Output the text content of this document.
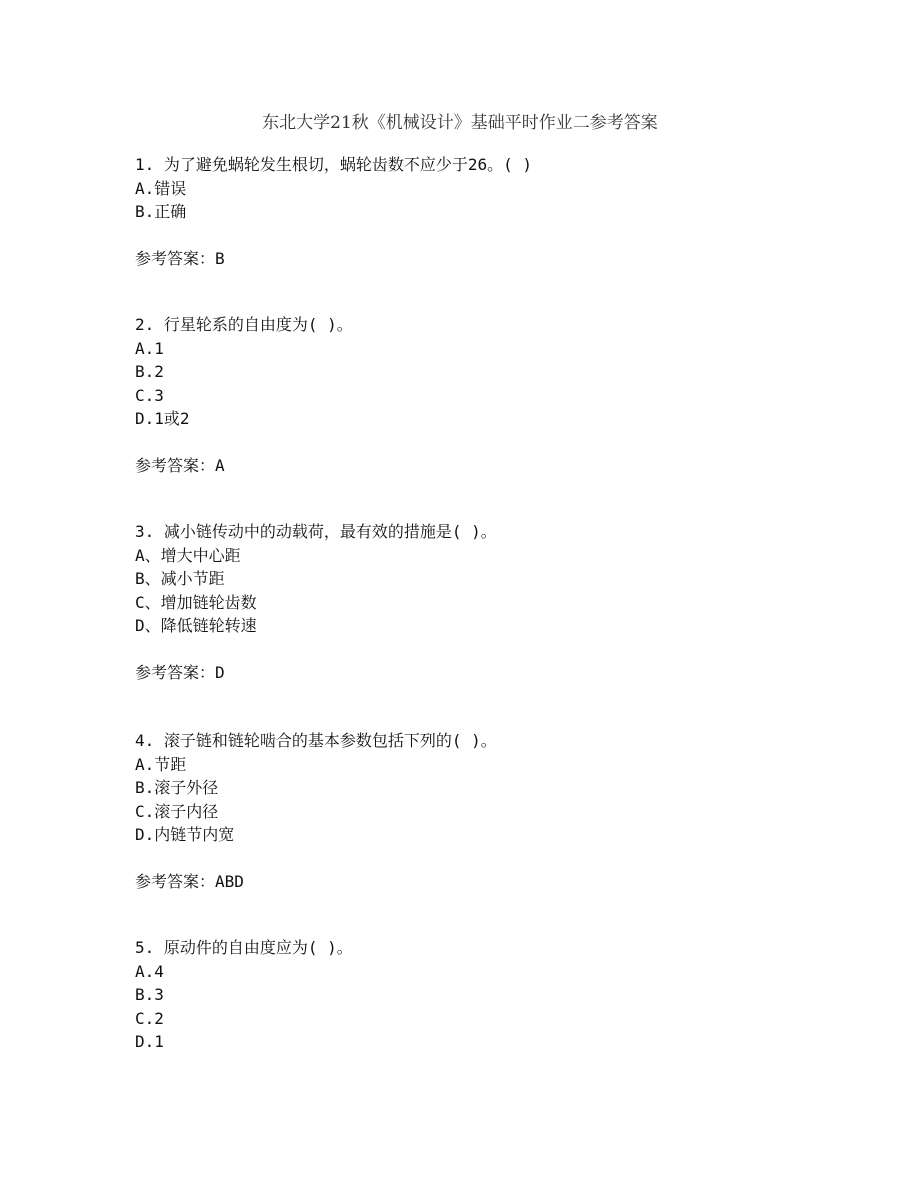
东北大学21秋《机械设计》基础平时作业二参考答案
1. 为了避免蜗轮发生根切，蜗轮齿数不应少于26。( )
A.错误
B.正确
参考答案：B
2. 行星轮系的自由度为( )。
A.1
B.2
C.3
D.1或2
参考答案：A
3. 减小链传动中的动载荷，最有效的措施是( )。
A、增大中心距
B、减小节距
C、增加链轮齿数
D、降低链轮转速
参考答案：D
4. 滚子链和链轮啮合的基本参数包括下列的( )。
A.节距
B.滚子外径
C.滚子内径
D.内链节内宽
参考答案：ABD
5. 原动件的自由度应为( )。
A.4
B.3
C.2
D.1
